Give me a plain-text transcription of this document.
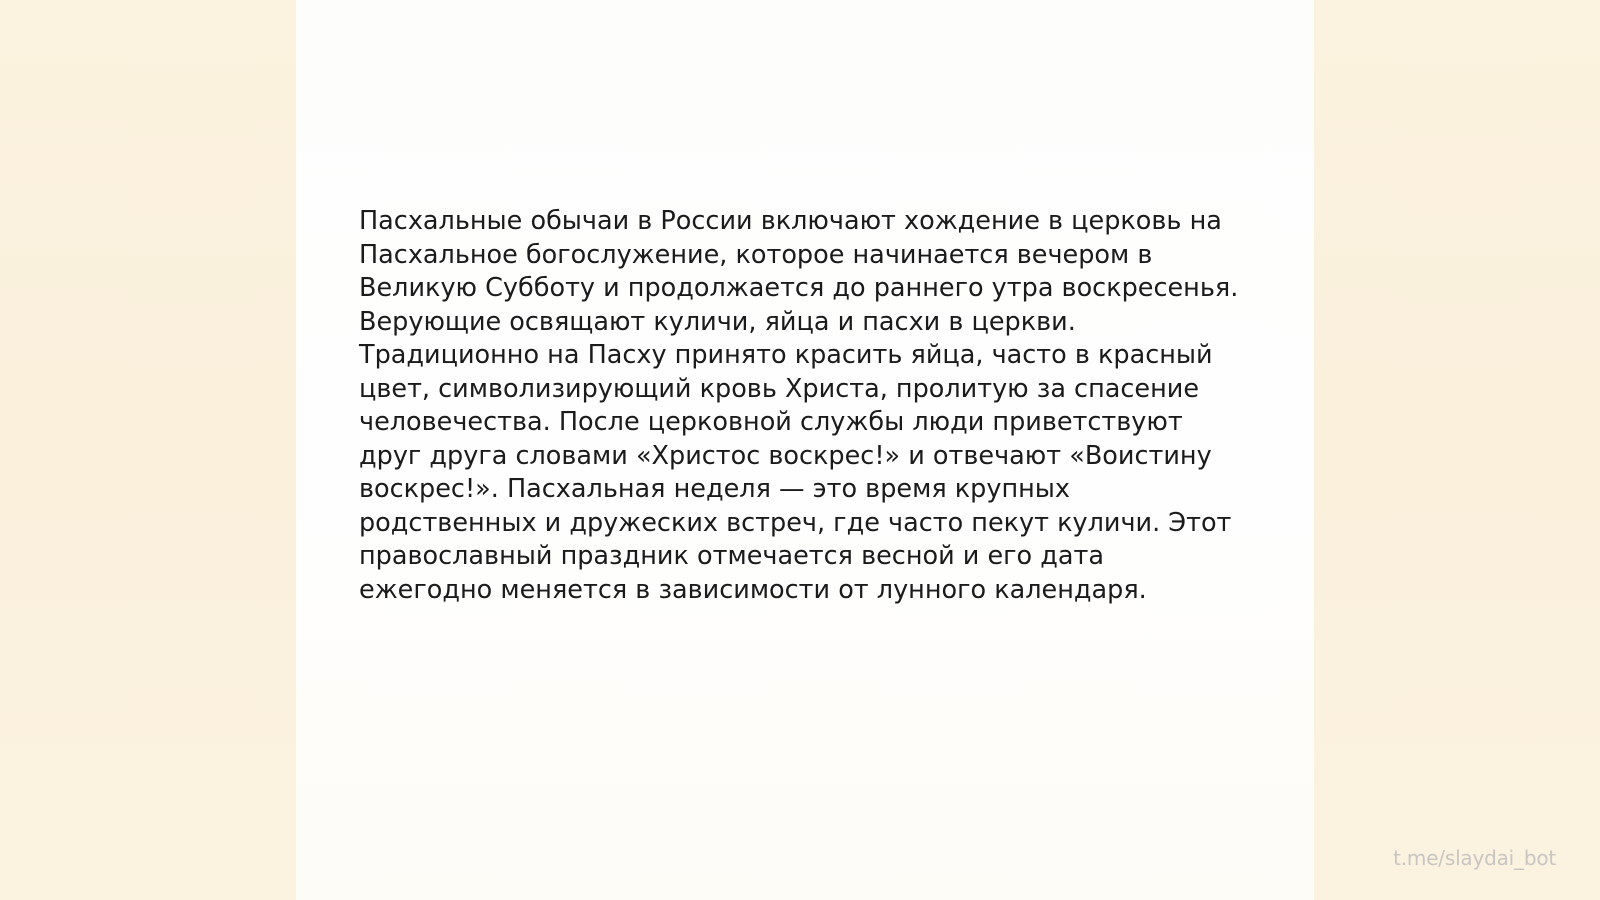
Пасхальные обычаи в России включают хождение в церковь на
Пасхальное богослужение, которое начинается вечером в
Великую Субботу и продолжается до раннего утра воскресенья.
Верующие освящают куличи, яйца и пасхи в церкви.
Традиционно на Пасху принято красить яйца, часто в красный
цвет, символизирующий кровь Христа, пролитую за спасение
человечества. После церковной службы люди приветствуют
друг друга словами «Христос воскрес!» и отвечают «Воистину
воскрес!». Пасхальная неделя — это время крупных
родственных и дружеских встреч, где часто пекут куличи. Этот
православный праздник отмечается весной и его дата
ежегодно меняется в зависимости от лунного календаря.

t.me/slaydai_bot
